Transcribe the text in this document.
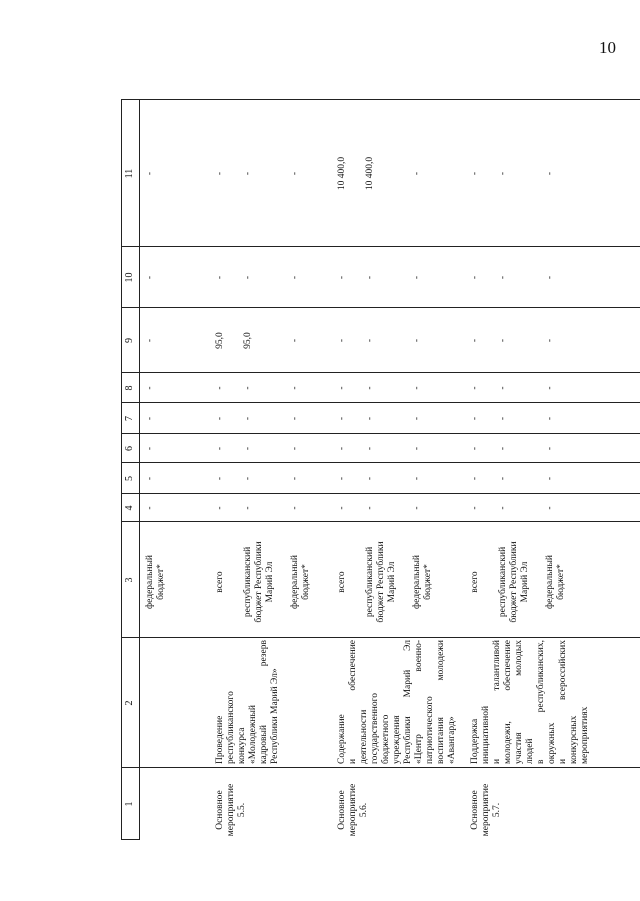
10
1
2
3
4
5
6
7
8
9
10
11
федеральный бюджет*
-
-
-
-
-
-
-
-
Основное мероприятие 5.5.
Проведение республиканского конкурса «Молодежный кадровый резерв Республики Марий Эл»
всего
-
-
-
-
-
95,0
-
-
республиканский бюджет Республики Марий Эл
-
-
-
-
-
95,0
-
-
федеральный бюджет*
-
-
-
-
-
-
-
-
Основное мероприятие 5.6.
Содержание и обеспечение деятельности государственного бюджетного учреждения Республики Марий Эл «Центр военно- патриотического воспитания молодежи «Авангард»
всего
-
-
-
-
-
-
-
10 400,0
республиканский бюджет Республики Марий Эл
-
-
-
-
-
-
-
10 400,0
федеральный бюджет*
-
-
-
-
-
-
-
-
Основное мероприятие 5.7.
Поддержка инициативной и талантливой молодежи, обеспечение участия молодых людей в республиканских, окружных и всероссийских конкурсных мероприятиях
всего
-
-
-
-
-
-
-
-
республиканский бюджет Республики Марий Эл
-
-
-
-
-
-
-
-
федеральный бюджет*
-
-
-
-
-
-
-
-
